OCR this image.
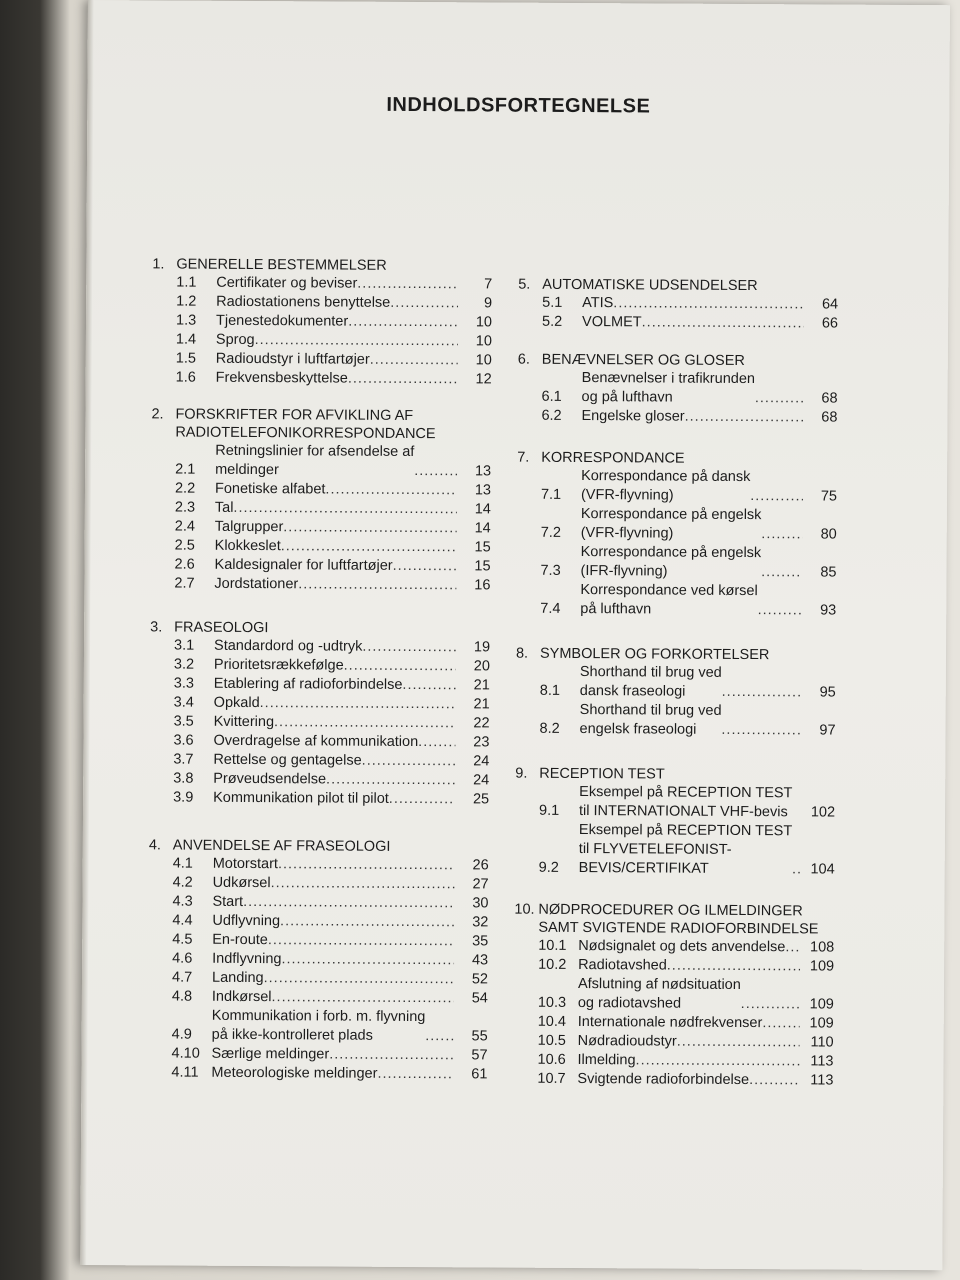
INDHOLDSFORTEGNELSE
1. GENERELLE BESTEMMELSER
1.1	Certifikater og beviser .....	7
1.2	Radiostationens benyttelse .....	9
1.3	Tjenestedokumenter .....	10
1.4	Sprog .....	10
1.5	Radioudstyr i luftfartøjer .....	10
1.6	Frekvensbeskyttelse .....	12
2. FORSKRIFTER FOR AFVIKLING AF
RADIOTELEFONIKORRESPONDANCE
2.1
Retningslinier for afsendelse af
meldinger .....	13
2.2	Fonetiske alfabet .....	13
2.3	Tal .....	14
2.4	Talgrupper .....	14
2.5	Klokkeslet .....	15
2.6	Kaldesignaler for luftfartøjer .....	15
2.7	Jordstationer .....	16
3. FRASEOLOGI
3.1	Standardord og -udtryk .....	19
3.2	Prioritetsrækkefølge .....	20
3.3	Etablering af radioforbindelse .....	21
3.4	Opkald .....	21
3.5	Kvittering .....	22
3.6	Overdragelse af kommunikation .....	23
3.7	Rettelse og gentagelse .....	24
3.8	Prøveudsendelse .....	24
3.9	Kommunikation pilot til pilot .....	25
4. ANVENDELSE AF FRASEOLOGI
4.1	Motorstart .....	26
4.2	Udkørsel .....	27
4.3	Start .....	30
4.4	Udflyvning .....	32
4.5	En-route .....	35
4.6	Indflyvning .....	43
4.7	Landing .....	52
4.8	Indkørsel .....	54
4.9
Kommunikation i forb. m. flyvning
på ikke-kontrolleret plads .....	55
4.10 Særlige meldinger .....	57
4.11 Meteorologiske meldinger .....	61
5. AUTOMATISKE UDSENDELSER
5.1	ATIS .....	64
5.2	VOLMET .....	66
6. BENÆVNELSER OG GLOSER
6.1
Benævnelser i trafikrunden
og på lufthavn .....	68
6.2	Engelske gloser .....	68
7. KORRESPONDANCE
7.1
Korrespondance på dansk
(VFR-flyvning) .....	75
7.2
Korrespondance på engelsk
(VFR-flyvning) .....	80
7.3
Korrespondance på engelsk
(IFR-flyvning) .....	85
7.4
Korrespondance ved kørsel
på lufthavn .....	93
8. SYMBOLER OG FORKORTELSER
8.1
Shorthand til brug ved
dansk fraseologi .....	95
8.2
Shorthand til brug ved
engelsk fraseologi .....	97
9. RECEPTION TEST
9.1
Eksempel på RECEPTION TEST
til INTERNATIONALT VHF-bevis	102
9.2
Eksempel på RECEPTION TEST
til FLYVETELEFONIST-
BEVIS/CERTIFIKAT .....	104
10. NØDPROCEDURER OG ILMELDINGER
SAMT SVIGTENDE RADIOFORBINDELSE
10.1 Nødsignalet og dets anvendelse .....	108
10.2 Radiotavshed .....	109
10.3
Afslutning af nødsituation
og radiotavshed .....	109
10.4 Internationale nødfrekvenser .....	109
10.5 Nødradioudstyr .....	110
10.6 Ilmelding .....	113
10.7 Svigtende radioforbindelse .....	113
